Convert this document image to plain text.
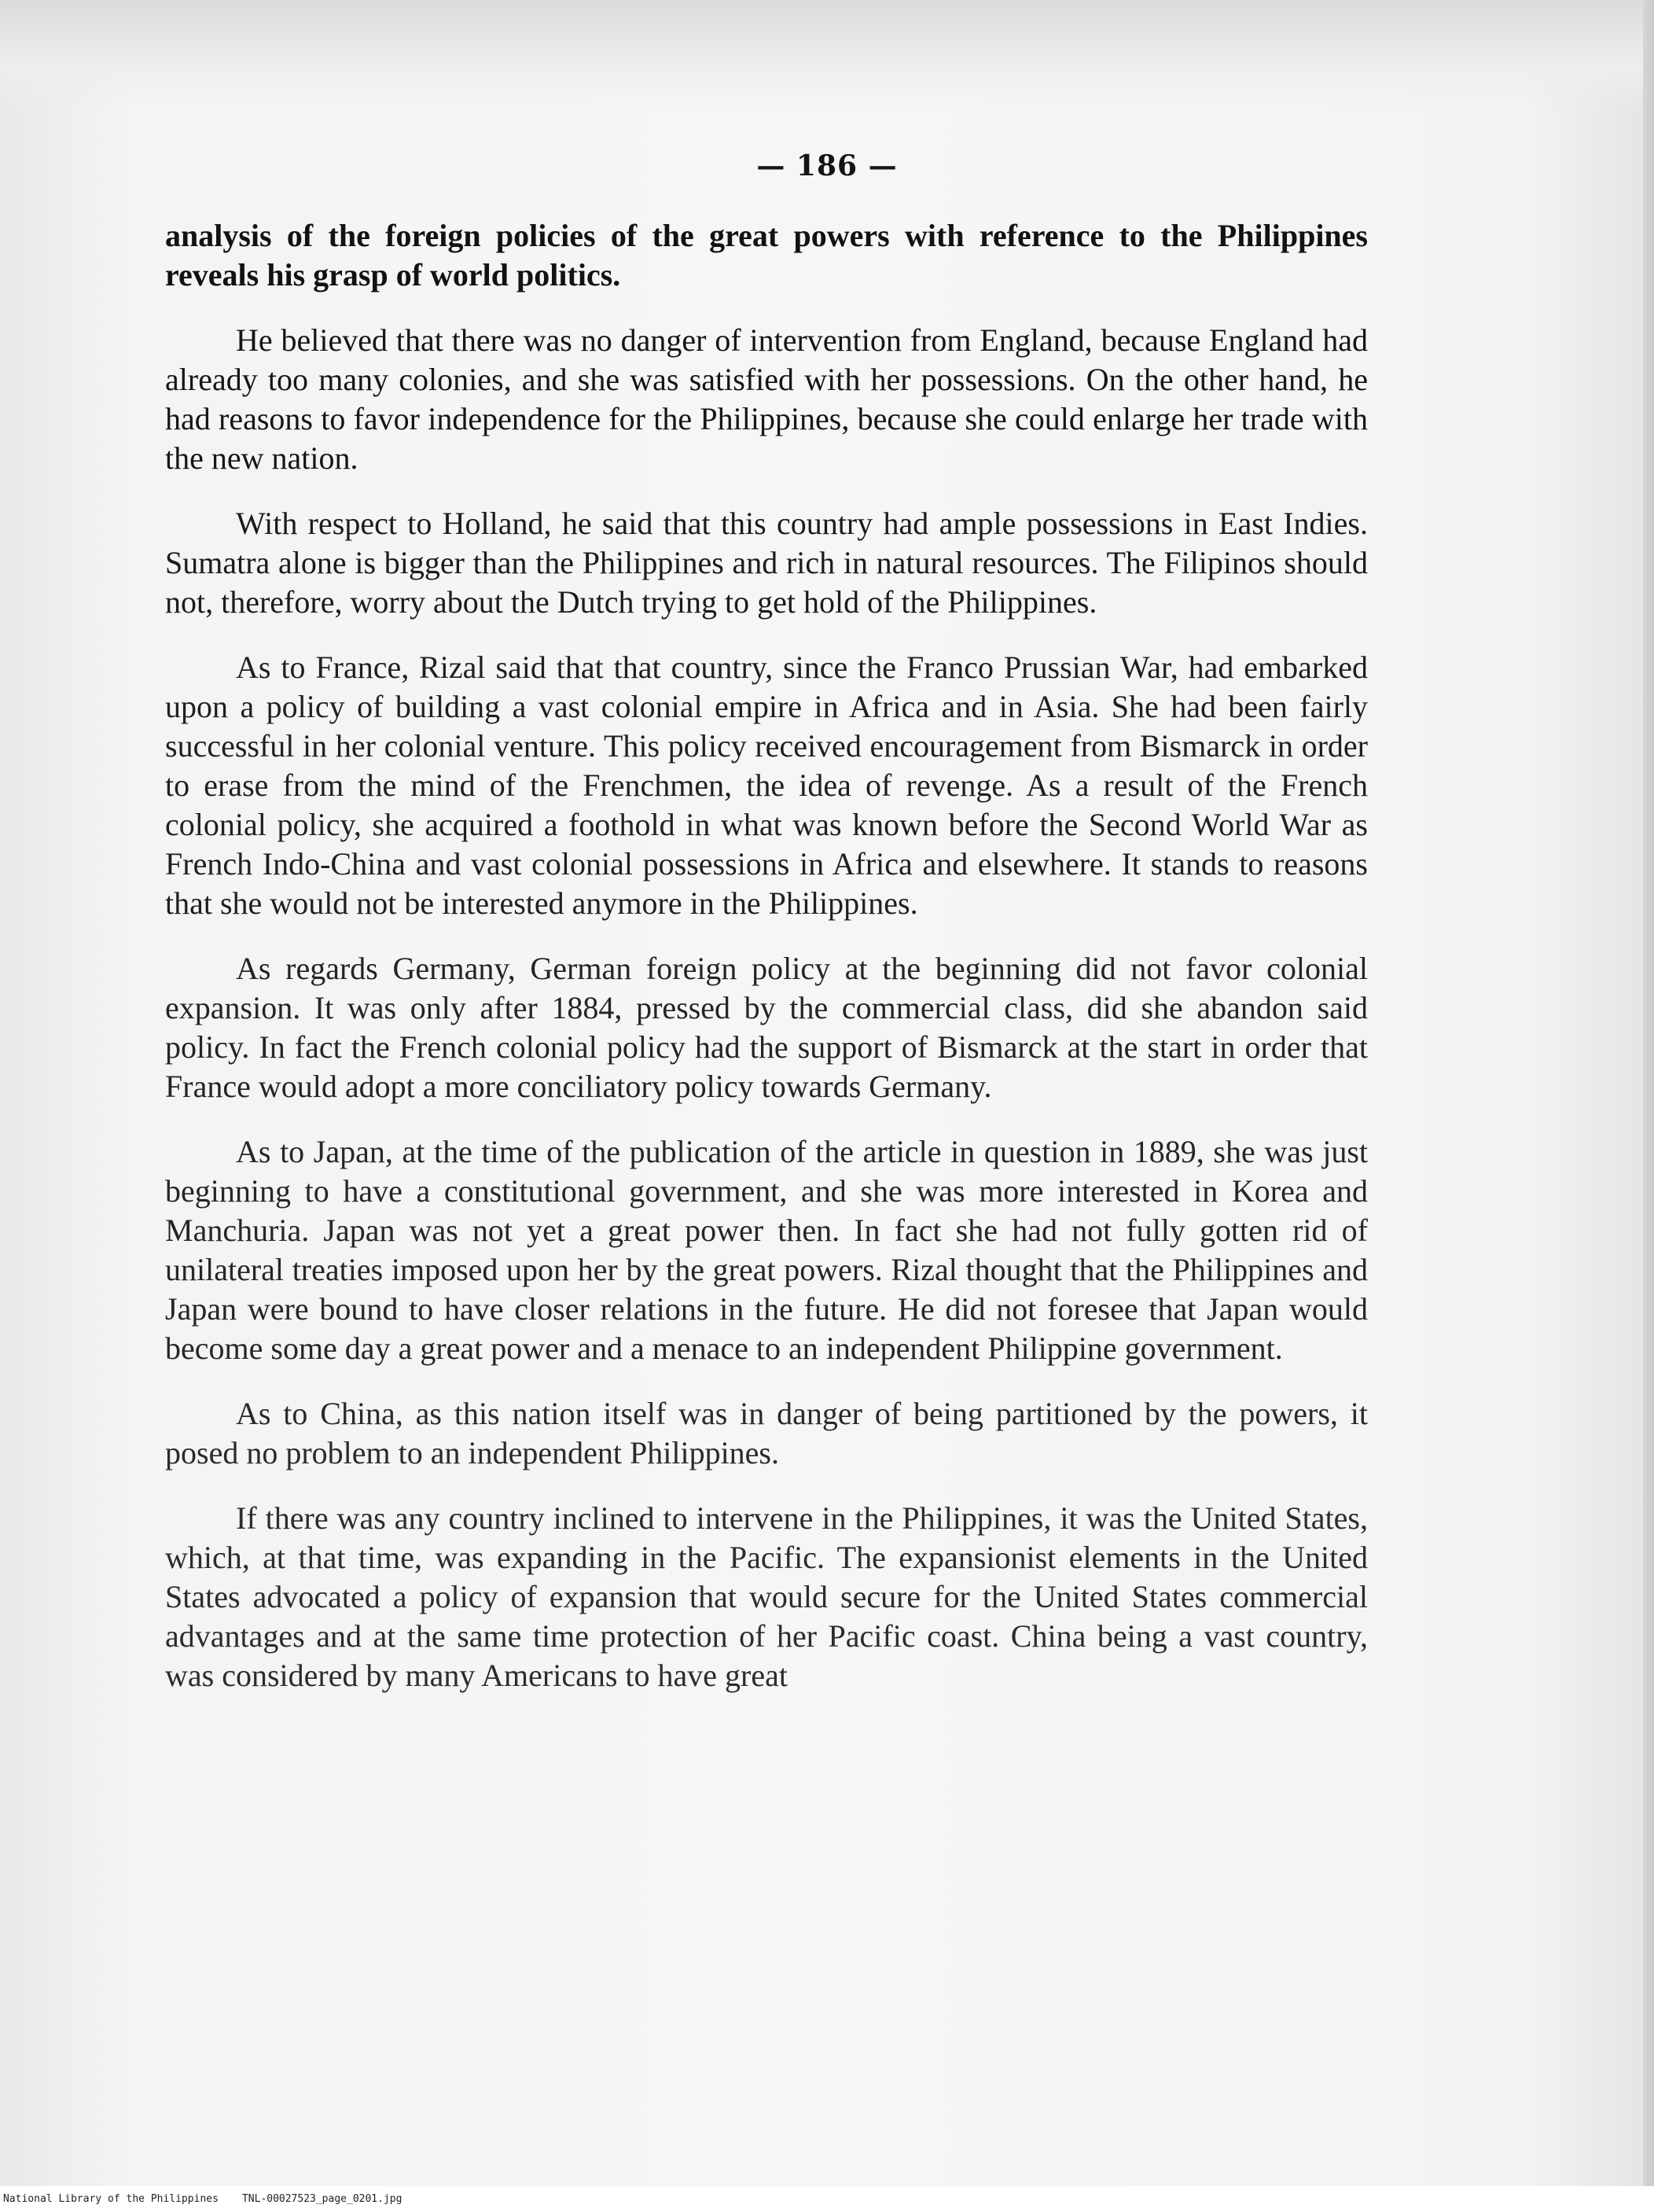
— 186 —

analysis of the foreign policies of the great powers with reference to the Philippines reveals his grasp of world politics.

He believed that there was no danger of intervention from England, because England had already too many colonies, and she was satisfied with her possessions. On the other hand, he had reasons to favor independence for the Philippines, because she could enlarge her trade with the new nation.

With respect to Holland, he said that this country had ample possessions in East Indies. Sumatra alone is bigger than the Philippines and rich in natural resources. The Filipinos should not, therefore, worry about the Dutch trying to get hold of the Philippines.

As to France, Rizal said that that country, since the Franco Prussian War, had embarked upon a policy of building a vast colonial empire in Africa and in Asia. She had been fairly successful in her colonial venture. This policy received encouragement from Bismarck in order to erase from the mind of the Frenchmen, the idea of revenge. As a result of the French colonial policy, she acquired a foothold in what was known before the Second World War as French Indo-China and vast colonial possessions in Africa and elsewhere. It stands to reasons that she would not be interested anymore in the Philippines.

As regards Germany, German foreign policy at the beginning did not favor colonial expansion. It was only after 1884, pressed by the commercial class, did she abandon said policy. In fact the French colonial policy had the support of Bismarck at the start in order that France would adopt a more conciliatory policy towards Germany.

As to Japan, at the time of the publication of the article in question in 1889, she was just beginning to have a constitutional government, and she was more interested in Korea and Manchuria. Japan was not yet a great power then. In fact she had not fully gotten rid of unilateral treaties imposed upon her by the great powers. Rizal thought that the Philippines and Japan were bound to have closer relations in the future. He did not foresee that Japan would become some day a great power and a menace to an independent Philippine government.

As to China, as this nation itself was in danger of being partitioned by the powers, it posed no problem to an independent Philippines.

If there was any country inclined to intervene in the Philippines, it was the United States, which, at that time, was expanding in the Pacific. The expansionist elements in the United States advocated a policy of expansion that would secure for the United States commercial advantages and at the same time protection of her Pacific coast. China being a vast country, was considered by many Americans to have great

National Library of the Philippines TNL-00027523_page_0201.jpg
